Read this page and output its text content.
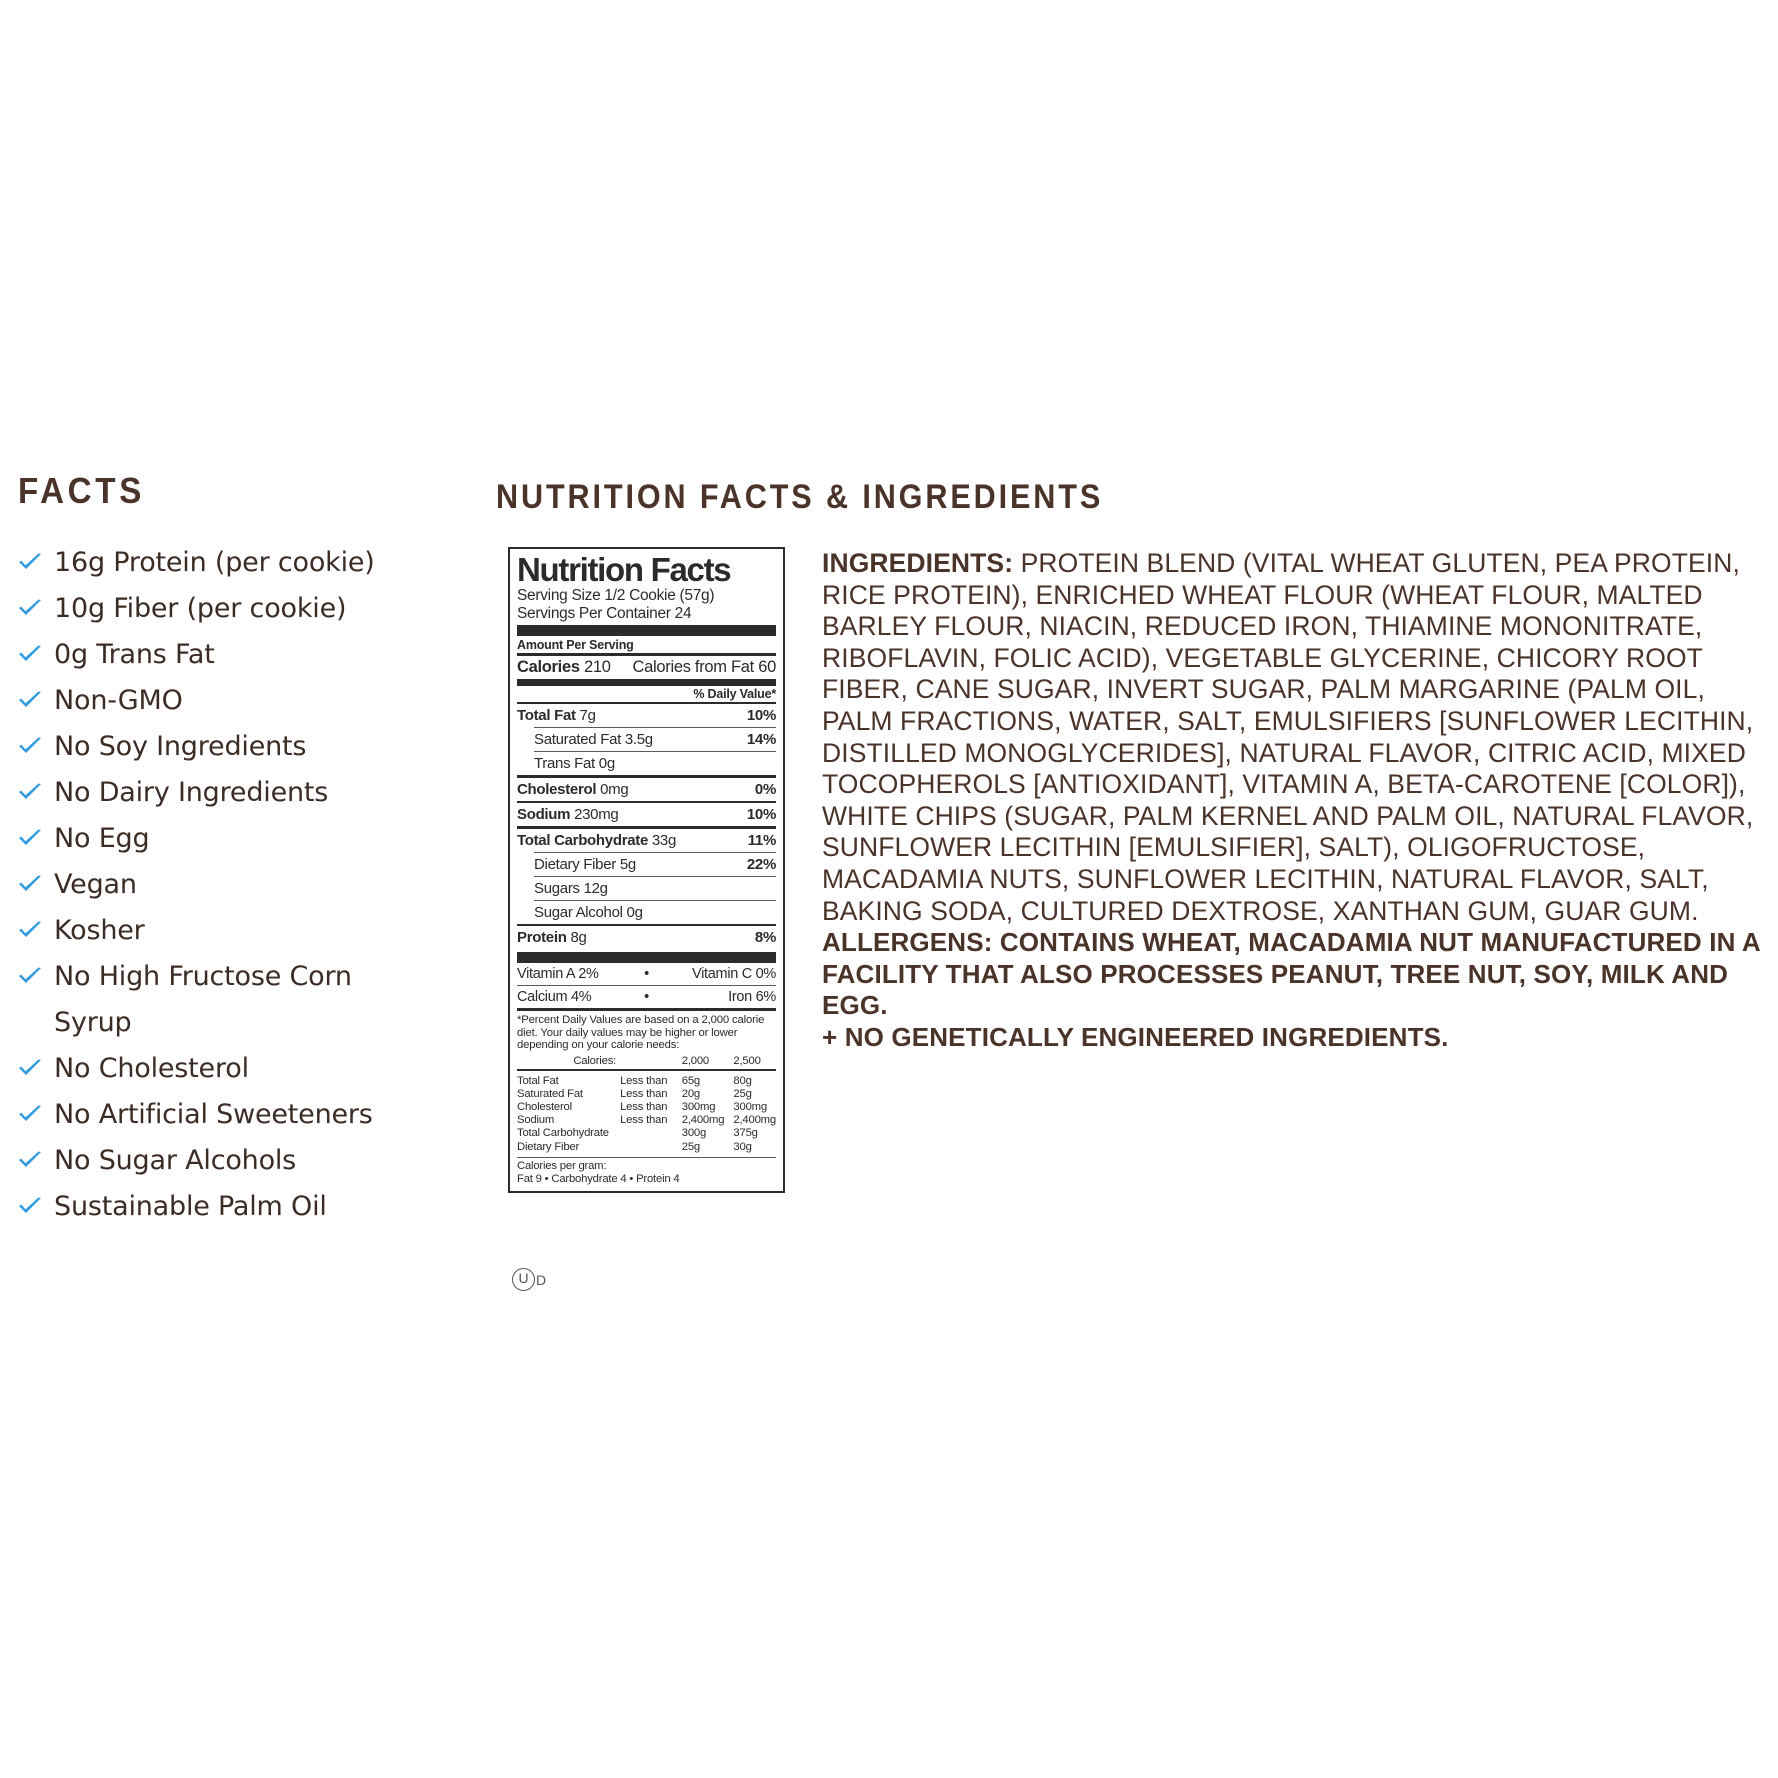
FACTS
16g Protein (per cookie)
10g Fiber (per cookie)
0g Trans Fat
Non-GMO
No Soy Ingredients
No Dairy Ingredients
No Egg
Vegan
Kosher
No High Fructose Corn Syrup
No Cholesterol
No Artificial Sweeteners
No Sugar Alcohols
Sustainable Palm Oil
NUTRITION FACTS & INGREDIENTS
Nutrition Facts
Serving Size 1/2 Cookie (57g)
Servings Per Container 24
Amount Per Serving
Calories 210 Calories from Fat 60
% Daily Value*
Total Fat 7g	10%
Saturated Fat 3.5g	14%
Trans Fat 0g
Cholesterol 0mg	0%
Sodium 230mg	10%
Total Carbohydrate 33g	11%
Dietary Fiber 5g	22%
Sugars 12g
Sugar Alcohol 0g
Protein 8g	8%
Vitamin A 2%	•	Vitamin C 0%
Calcium 4%	•	Iron 6%
*Percent Daily Values are based on a 2,000 calorie diet. Your daily values may be higher or lower depending on your calorie needs:
Calories:		2,000	2,500

Total Fat	Less than	65g	80g
Saturated Fat	Less than	20g	25g
Cholesterol	Less than	300mg	300mg
Sodium	Less than	2,400mg	2,400mg
Total Carbohydrate		300g	375g
Dietary Fiber		25g	30g
Calories per gram:
Fat 9 • Carbohydrate 4 • Protein 4
U D

INGREDIENTS: PROTEIN BLEND (VITAL WHEAT GLUTEN, PEA PROTEIN, RICE PROTEIN), ENRICHED WHEAT FLOUR (WHEAT FLOUR, MALTED BARLEY FLOUR, NIACIN, REDUCED IRON, THIAMINE MONONITRATE, RIBOFLAVIN, FOLIC ACID), VEGETABLE GLYCERINE, CHICORY ROOT FIBER, CANE SUGAR, INVERT SUGAR, PALM MARGARINE (PALM OIL, PALM FRACTIONS, WATER, SALT, EMULSIFIERS [SUNFLOWER LECITHIN, DISTILLED MONOGLYCERIDES], NATURAL FLAVOR, CITRIC ACID, MIXED TOCOPHEROLS [ANTIOXIDANT], VITAMIN A, BETA-CAROTENE [COLOR]), WHITE CHIPS (SUGAR, PALM KERNEL AND PALM OIL, NATURAL FLAVOR, SUNFLOWER LECITHIN [EMULSIFIER], SALT), OLIGOFRUCTOSE, MACADAMIA NUTS, SUNFLOWER LECITHIN, NATURAL FLAVOR, SALT, BAKING SODA, CULTURED DEXTROSE, XANTHAN GUM, GUAR GUM.

ALLERGENS: CONTAINS WHEAT, MACADAMIA NUT MANUFACTURED IN A FACILITY THAT ALSO PROCESSES PEANUT, TREE NUT, SOY, MILK AND EGG.
+ NO GENETICALLY ENGINEERED INGREDIENTS.
